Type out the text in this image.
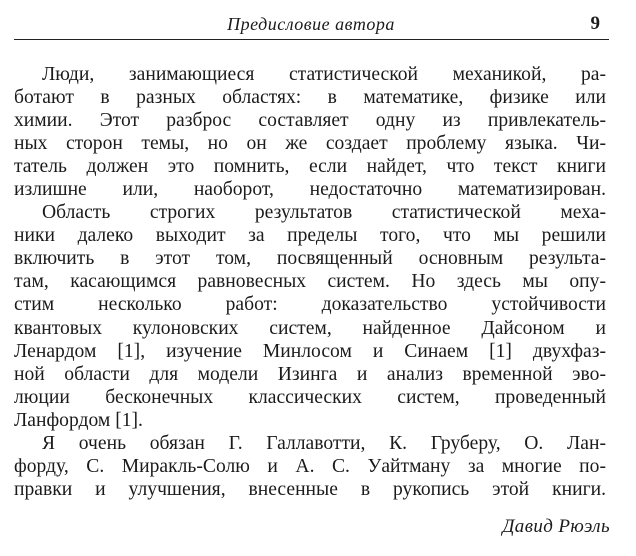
Предисловие автора	9
Люди, занимающиеся статистической механикой, ра-
ботают в разных областях: в математике, физике или
химии. Этот разброс составляет одну из привлекатель-
ных сторон темы, но он же создает проблему языка. Чи-
татель должен это помнить, если найдет, что текст книги
излишне или, наоборот, недостаточно математизирован.
Область строгих результатов статистической меха-
ники далеко выходит за пределы того, что мы решили
включить в этот том, посвященный основным результа-
там, касающимся равновесных систем. Но здесь мы опу-
стим несколько работ: доказательство устойчивости
квантовых кулоновских систем, найденное Дайсоном и
Ленардом [1], изучение Минлосом и Синаем [1] двухфаз-
ной области для модели Изинга и анализ временной эво-
люции бесконечных классических систем, проведенный
Ланфордом [1].
Я очень обязан Г. Галлавотти, К. Груберу, О. Лан-
форду, С. Миракль-Солю и А. С. Уайтману за многие по-
правки и улучшения, внесенные в рукопись этой книги.
Давид Рюэль
